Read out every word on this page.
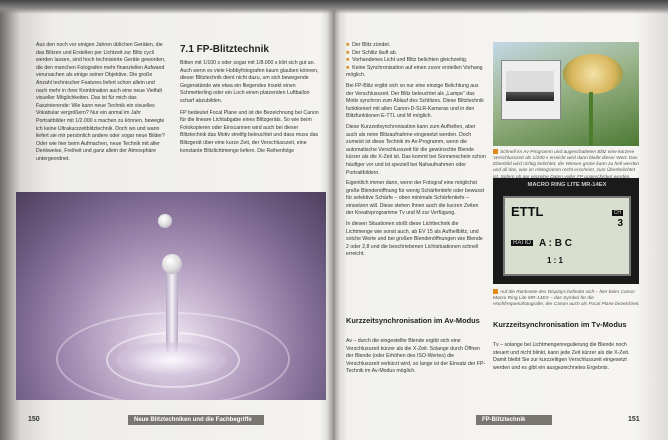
Aus den noch vor einigen Jahren üblichen Geräten, die das Blitzen und Erstellen per Lichtzeit zur Blitz cycli werden lassen, sind hoch technisierte Geräte geworden, die den manchen Fotografen mehr finanziellen Aufwand verursachen als einige seiner Objektive. Die große Anzahl technischer Features liefert schon allein und nach mehr in ihrer Kombination auch eine neue Vielfalt visueller Möglichkeiten. Das ist für mich das Faszinierende: Wie kann neue Technik ein visuelles Vokabular vergrößern? Nur ein anmal im Jahr Portraitbilder mit 1/2.000 s machen zu können, bewegte ich keine Ultrakurzzeitblitztechnik. Doch wo und wann liefert sie mir persönlich andere oder sogar neue Bilder? Oder wie hier beim Aufmachen, neue Technik mit aller Denkweise, Freiheit und ganz allein der Atmosphäre untergeordnet.

7.1 FP-Blitztechnik

Bitten mit 1/100 s oder sogar mit 1/8.000 s klirt sich gut an. Auch wenn es viele Hobbyfotografen kaum glauben können, dieser Blitztechnik dient nicht dazu, um sich bewegende Gegenstände wie etwa ein fliegendes Insekt einen Schmetterling oder ein Loch einen platzenden Luftballon scharf abzubilden.

FP bedeutet Focal Plane und ist die Bezeichnung bei Canon für die lineare Lichtabgabe eines Blitzgeräts. So wie beim Fotokopieren oder Einscannen wird auch bei dieser Blitztechnik das Motiv streifig beleuchtet und dass muss das Blitzgerät über eine kurze Zeit, der Verschlusszeit, eine konstante Blitzlichtmenge liefern. Die Reihenfolge

150	Neue Blitztechniken und die Fachbegriffe

■ Der Blitz zündet.

■ Der Schlitz läuft ab.

■ Vorhandenes Licht und Blitz belichten gleichzeitig.

■ Keine Synchronisation auf einen zuvor erstellen Vorhang möglich.

Bei FP-Blitz ergibt sich so nur eine einzige Belichtung aus der Verschlusszeit. Der Blitz beleuchtet als „Lampe“ das Motiv synchron zum Ablauf des Schlitzes. Diese Blitztechnik funktioniert mit allen Canon-D-SLR-Kameras und in den Blitzfunktionen E-TTL und M möglich.

Diese Kurzzeitsynchronisation kann zum Aufhellen, aber auch als reine Blitzaufnahme eingesetzt werden. Doch zumeist ist diese Technik im Av-Programm, wenn die automatische Verschlusszeit für die gewünschte Blende kürzer als die X-Zeit ist. Das kommt bei Sonnenschein schon häufiger vor und ist speziell bei Nahaufnahmen oder Portraitbildern.

Eigentlich immer dann, wenn der Fotograf eine möglichst große Blendenöffnung für wenig Schärfentiefe oder bewusst für selektive Schärfe – oben minimale Schärfentiefe – einsetzen will. Diese stehen Ihnen auch die kurzen Zeiten der Kreativprogramme Tv und M zur Verfügung.

In diesen Situationen stoßt diese Lichttechnik die Lichtmenge wie sonst auch, ab EV 15 als Aufhellblitz, und solche Werte und bei großen Blendenöffnungen wie Blende 2 oder 2,8 und die beschriebenen Lichtsituationen schnell erreicht.

Kurzzeitsynchronisation im Av-Modus
Av – durch die eingestellte Blende ergibt sich eine Verschlusszeit kürzer als die X-Zeit. Solange durch Öffnen der Blende (oder Erhöhen des ISO-Wertes) die Verschlusszeit verkürzt wird, so lange ist der Einsatz der FP-Technik im Av-Modus möglich.
Schnell im Av-Programm und augeschalteten Blitz eine kürzere Verschlusszeit als 1/200 s erreicht wird dann bleibt dieser Wert. Das Ebenbild wird richtig belichtet, die Wiesen grüne kann zu hell werden und all das, was im Histogramm recht erscheint, zum Überbelichtet
MACRO RING LITE MR-14EX
ETTL	CH
3
RATIO A : B C
1 : 1
Auf die Rückseite des Displays befindet sich – hier beim Canon Macro Ring Lite MR-14EX – das Symbol für die Hochfrequenzfotografie, der Canon auch als Focal Plane bezeichnet.
Kurzzeitsynchronisation im Tv-Modus
Tv – solange bei Lichtmengenregulierung die Blende noch steuert und nicht blinkt, kann jede Zeit kürzer als die X-Zeit. Damit bleibt Sie zur kurzzeitigen Verschlusszeit eingesetzt werden und es gibt ein ausgezeichnetes Ergebnis.
FP-Blitztechnik	151
